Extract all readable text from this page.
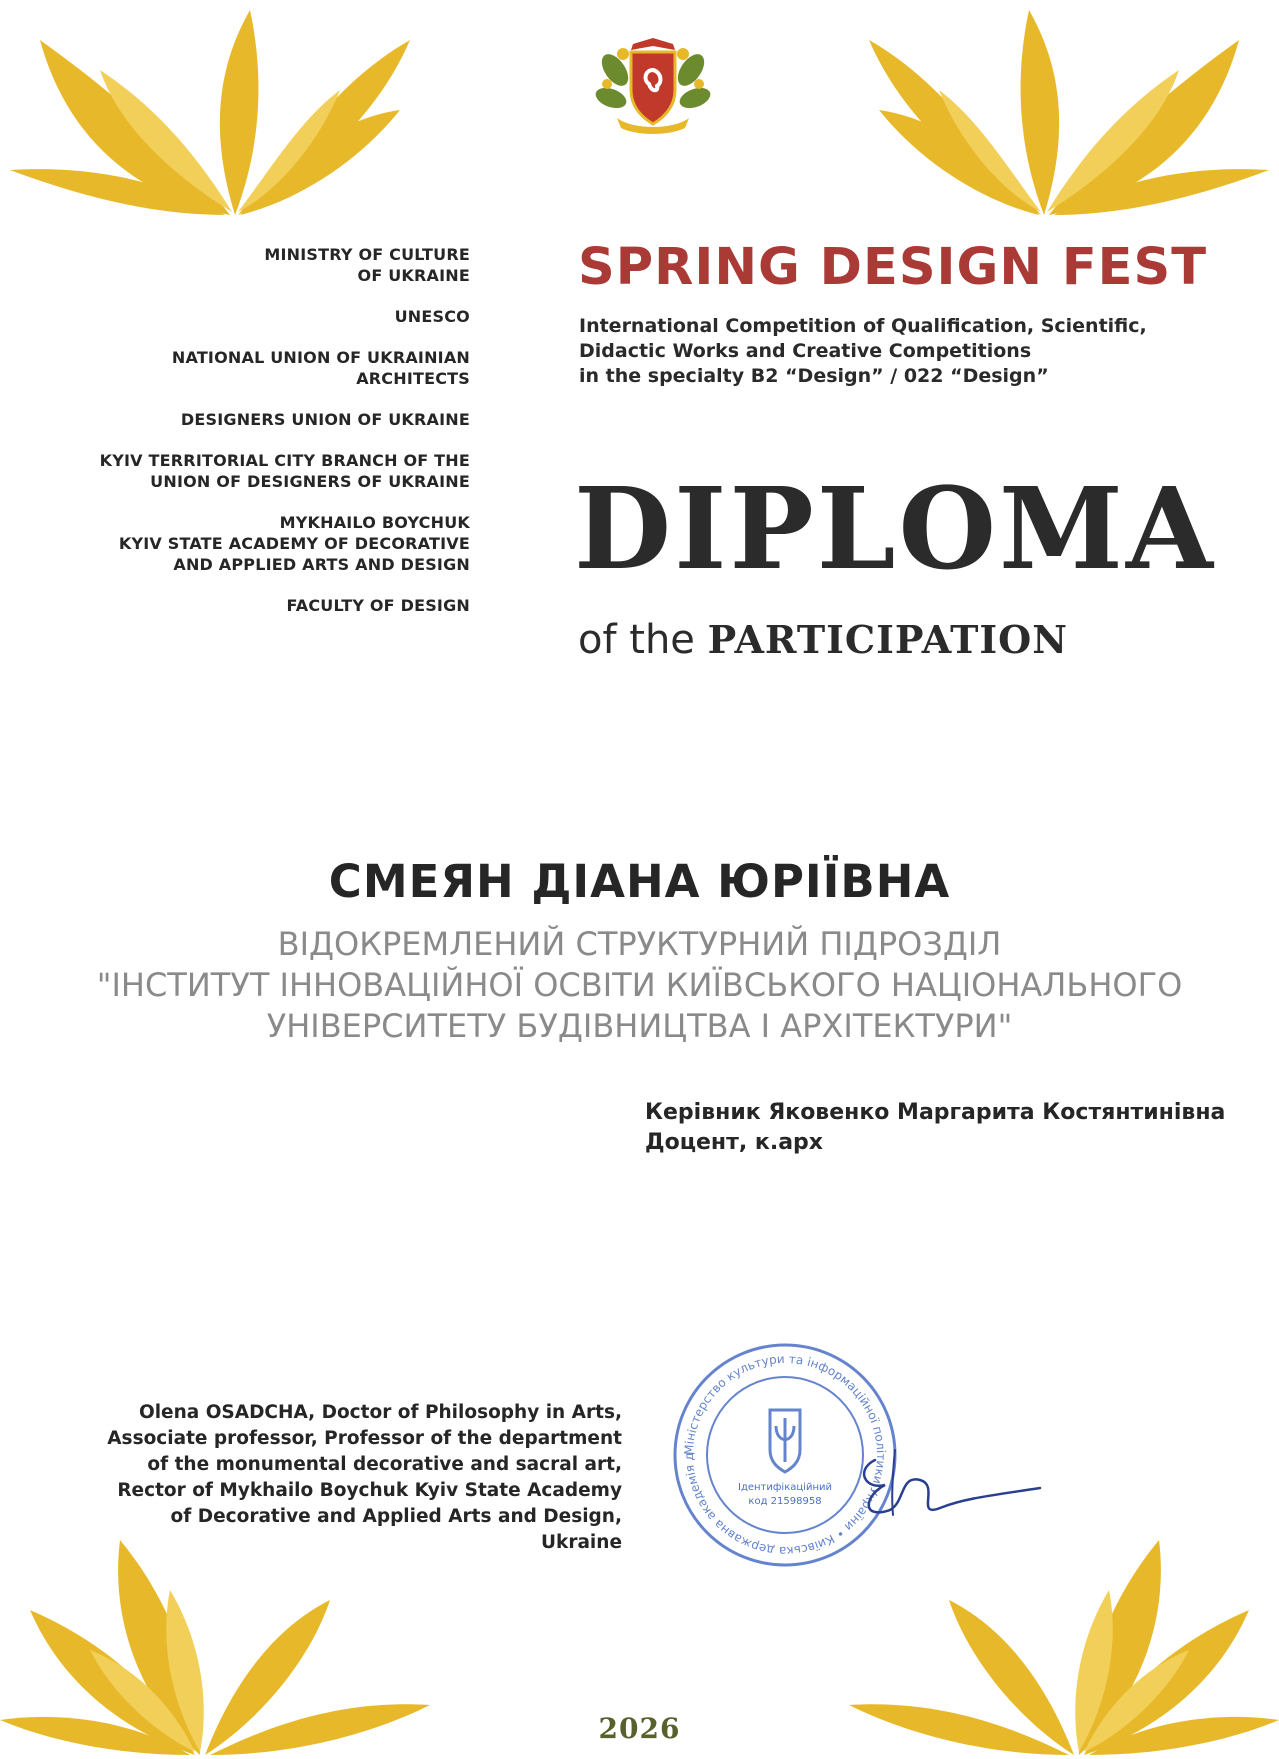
MINISTRY OF CULTURE
OF UKRAINE
UNESCO
NATIONAL UNION OF UKRAINIAN
ARCHITECTS
DESIGNERS UNION OF UKRAINE
KYIV TERRITORIAL CITY BRANCH OF THE
UNION OF DESIGNERS OF UKRAINE
MYKHAILO BOYCHUK
KYIV STATE ACADEMY OF DECORATIVE
AND APPLIED ARTS AND DESIGN
FACULTY OF DESIGN
SPRING DESIGN FEST
International Competition of Qualification, Scientific,
Didactic Works and Creative Competitions
in the specialty В2 “Design” / 022 “Design”
DIPLOMA
of the PARTICIPATION
СМЕЯН ДІАНА ЮРІЇВНА
ВІДОКРЕМЛЕНИЙ СТРУКТУРНИЙ ПІДРОЗДІЛ
"ІНСТИТУТ ІННОВАЦІЙНОЇ ОСВІТИ КИЇВСЬКОГО НАЦІОНАЛЬНОГО
УНІВЕРСИТЕТУ БУДІВНИЦТВА І АРХІТЕКТУРИ"
Керівник Яковенко Маргарита Костянтинівна
Доцент, к.арх
Olena OSADCHA, Doctor of Philosophy in Arts,
Associate professor, Professor of the department
of the monumental decorative and sacral art,
Rector of Mykhailo Boychuk Kyiv State Academy
of Decorative and Applied Arts and Design,
Ukraine
Міністерство культури та інформаційної політики України • Київська державна академія д
Ідентифікаційний
код 21598958
2026
